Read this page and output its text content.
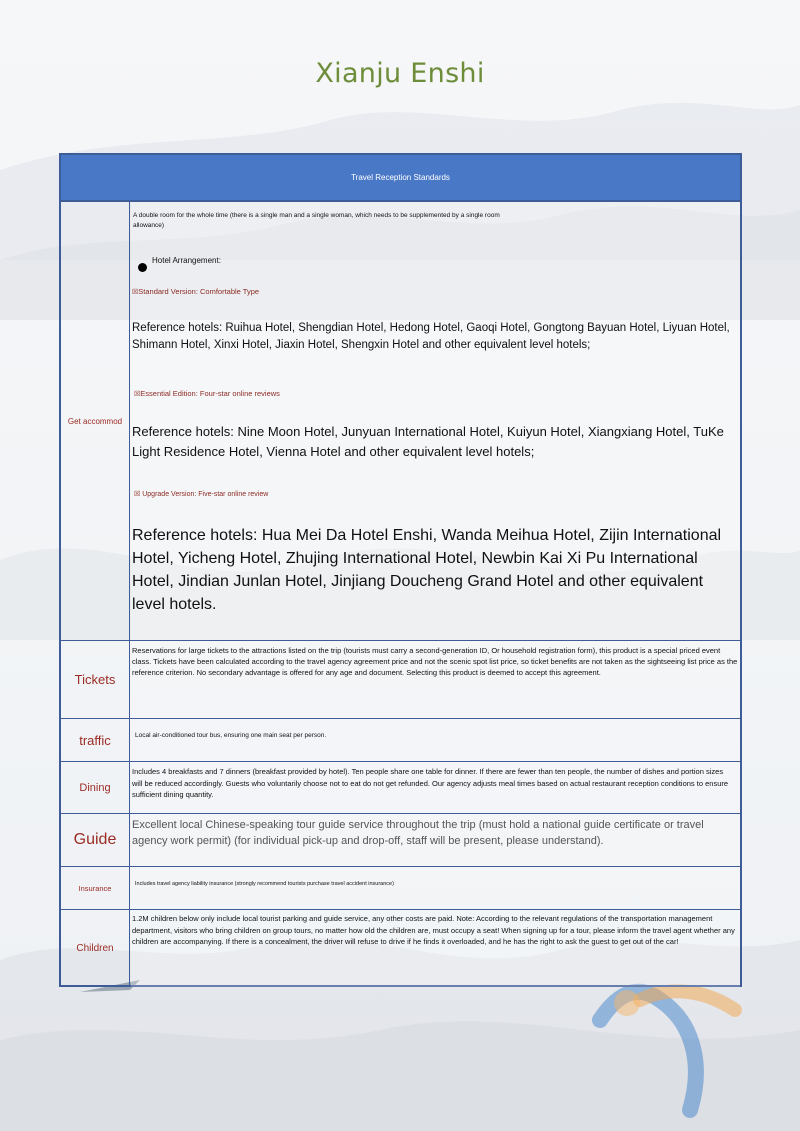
Xianju Enshi
Travel Reception Standards
Get accommod
A double room for the whole time (there is a single man and a single woman, which needs to be supplemented by a single room allowance)
Hotel Arrangement:
☒Standard Version: Comfortable Type
Reference hotels: Ruihua Hotel, Shengdian Hotel, Hedong Hotel, Gaoqi Hotel, Gongtong Bayuan Hotel, Liyuan Hotel, Shimann Hotel, Xinxi Hotel, Jiaxin Hotel, Shengxin Hotel and other equivalent level hotels;
☒Essential Edition: Four-star online reviews
Reference hotels: Nine Moon Hotel, Junyuan International Hotel, Kuiyun Hotel, Xiangxiang Hotel, TuKe Light Residence Hotel, Vienna Hotel and other equivalent level hotels;
☒ Upgrade Version: Five-star online review
Reference hotels: Hua Mei Da Hotel Enshi, Wanda Meihua Hotel, Zijin International Hotel, Yicheng Hotel, Zhujing International Hotel, Newbin Kai Xi Pu International Hotel, Jindian Junlan Hotel, Jinjiang Doucheng Grand Hotel and other equivalent level hotels.
Tickets
Reservations for large tickets to the attractions listed on the trip (tourists must carry a second-generation ID, Or household registration form), this product is a special priced event class. Tickets have been calculated according to the travel agency agreement price and not the scenic spot list price, so ticket benefits are not taken as the sightseeing list price as the reference criterion. No secondary advantage is offered for any age and document. Selecting this product is deemed to accept this agreement.
traffic	Local air-conditioned tour bus, ensuring one main seat per person.
Dining
Includes 4 breakfasts and 7 dinners (breakfast provided by hotel). Ten people share one table for dinner. If there are fewer than ten people, the number of dishes and portion sizes will be reduced accordingly. Guests who voluntarily choose not to eat do not get refunded. Our agency adjusts meal times based on actual restaurant reception conditions to ensure sufficient dining quantity.
Guide
Excellent local Chinese-speaking tour guide service throughout the trip (must hold a national guide certificate or travel agency work permit) (for individual pick-up and drop-off, staff will be present, please understand).
Insurance	Includes travel agency liability insurance (strongly recommend tourists purchase travel accident insurance)
Children
1.2M children below only include local tourist parking and guide service, any other costs are paid. Note: According to the relevant regulations of the transportation management department, visitors who bring children on group tours, no matter how old the children are, must occupy a seat! When signing up for a tour, please inform the travel agent whether any children are accompanying. If there is a concealment, the driver will refuse to drive if he finds it overloaded, and he has the right to ask the guest to get out of the car!
